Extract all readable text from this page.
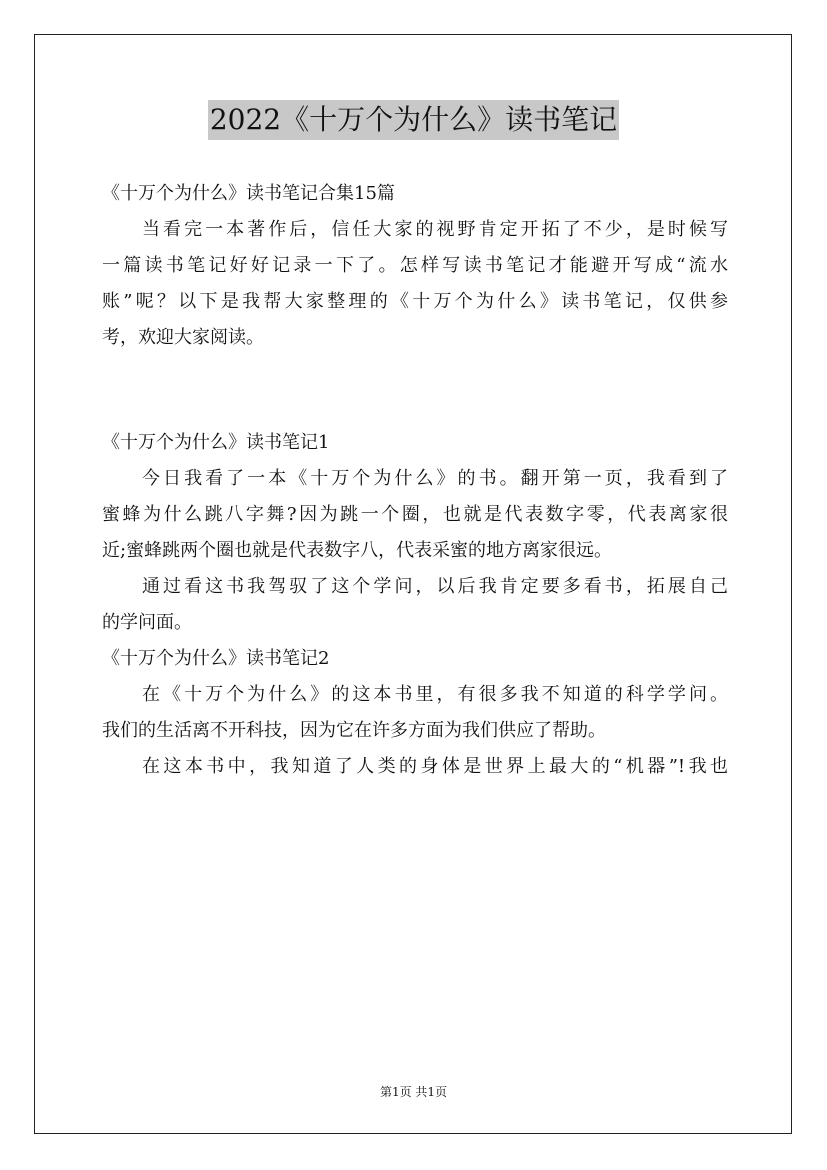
2022《十万个为什么》读书笔记
《十万个为什么》读书笔记合集15篇
当看完一本著作后，信任大家的视野肯定开拓了不少，是时候写
一篇读书笔记好好记录一下了。怎样写读书笔记才能避开写成“流水
账”呢？以下是我帮大家整理的《十万个为什么》读书笔记，仅供参
考，欢迎大家阅读。
《十万个为什么》读书笔记1
今日我看了一本《十万个为什么》的书。翻开第一页，我看到了
蜜蜂为什么跳八字舞?因为跳一个圈，也就是代表数字零，代表离家很
近;蜜蜂跳两个圈也就是代表数字八，代表采蜜的地方离家很远。
通过看这书我驾驭了这个学问，以后我肯定要多看书，拓展自己
的学问面。
《十万个为什么》读书笔记2
在《十万个为什么》的这本书里，有很多我不知道的科学学问。
我们的生活离不开科技，因为它在许多方面为我们供应了帮助。
在这本书中，我知道了人类的身体是世界上最大的“机器”!我也
第1页 共1页
